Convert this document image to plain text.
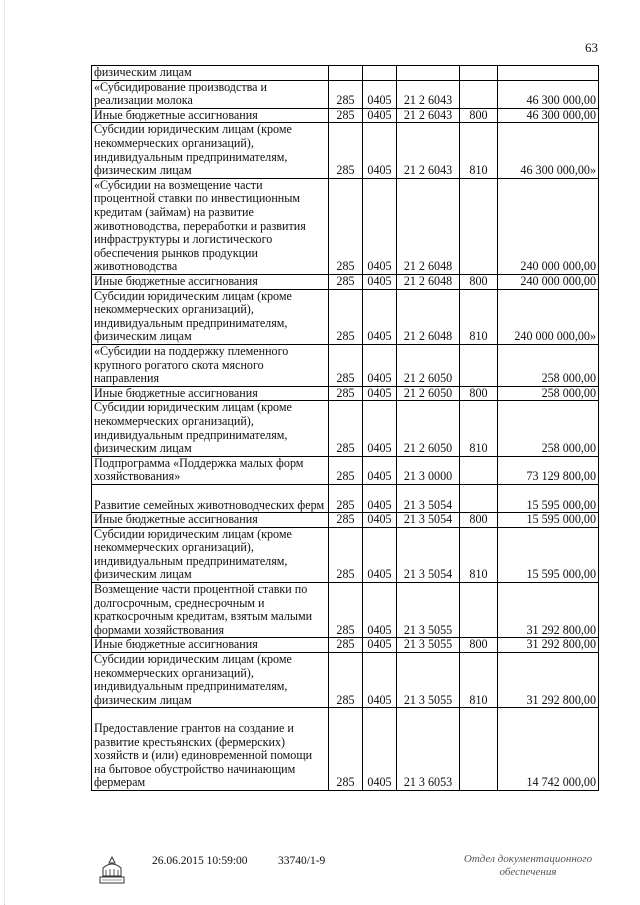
63
физическим лицам					
«Субсидирование производства и реализации молока	285	0405	21 2 6043		46 300 000,00
Иные бюджетные ассигнования	285	0405	21 2 6043	800	46 300 000,00
Субсидии юридическим лицам (кроме некоммерческих организаций), индивидуальным предпринимателям, физическим лицам	285	0405	21 2 6043	810	46 300 000,00»
«Субсидии на возмещение части процентной ставки по инвестиционным кредитам (займам) на развитие животноводства, переработки и развития инфраструктуры и логистического обеспечения рынков продукции животноводства	285	0405	21 2 6048		240 000 000,00
Иные бюджетные ассигнования	285	0405	21 2 6048	800	240 000 000,00
Субсидии юридическим лицам (кроме некоммерческих организаций), индивидуальным предпринимателям, физическим лицам	285	0405	21 2 6048	810	240 000 000,00»
«Субсидии на поддержку племенного крупного рогатого скота мясного направления	285	0405	21 2 6050		258 000,00
Иные бюджетные ассигнования	285	0405	21 2 6050	800	258 000,00
Субсидии юридическим лицам (кроме некоммерческих организаций), индивидуальным предпринимателям, физическим лицам	285	0405	21 2 6050	810	258 000,00
Подпрограмма «Поддержка малых форм хозяйствования»	285	0405	21 3 0000		73 129 800,00
Развитие семейных животноводческих ферм	285	0405	21 3 5054		15 595 000,00
Иные бюджетные ассигнования	285	0405	21 3 5054	800	15 595 000,00
Субсидии юридическим лицам (кроме некоммерческих организаций), индивидуальным предпринимателям, физическим лицам	285	0405	21 3 5054	810	15 595 000,00
Возмещение части процентной ставки по долгосрочным, среднесрочным и краткосрочным кредитам, взятым малыми формами хозяйствования	285	0405	21 3 5055		31 292 800,00
Иные бюджетные ассигнования	285	0405	21 3 5055	800	31 292 800,00
Субсидии юридическим лицам (кроме некоммерческих организаций), индивидуальным предпринимателям, физическим лицам	285	0405	21 3 5055	810	31 292 800,00
Предоставление грантов на создание и развитие крестьянских (фермерских) хозяйств и (или) единовременной помощи на бытовое обустройство начинающим фермерам	285	0405	21 3 6053		14 742 000,00
26.06.2015 10:59:00	33740/1-9	Отдел документационного
обеспечения
